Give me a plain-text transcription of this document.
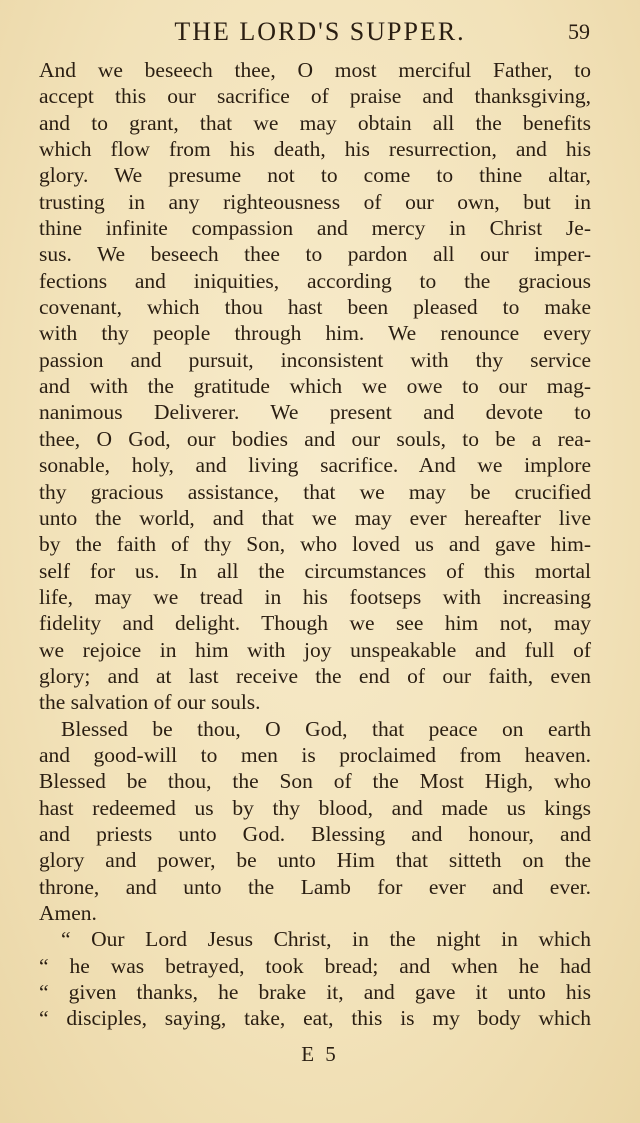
THE LORD'S SUPPER.	59
And we beseech thee, O most merciful Father, to
accept this our sacrifice of praise and thanksgiving,
and to grant, that we may obtain all the benefits
which flow from his death, his resurrection, and his
glory. We presume not to come to thine altar,
trusting in any righteousness of our own, but in
thine infinite compassion and mercy in Christ Je-
sus. We beseech thee to pardon all our imper-
fections and iniquities, according to the gracious
covenant, which thou hast been pleased to make
with thy people through him. We renounce every
passion and pursuit, inconsistent with thy service
and with the gratitude which we owe to our mag-
nanimous Deliverer. We present and devote to
thee, O God, our bodies and our souls, to be a rea-
sonable, holy, and living sacrifice. And we implore
thy gracious assistance, that we may be crucified
unto the world, and that we may ever hereafter live
by the faith of thy Son, who loved us and gave him-
self for us. In all the circumstances of this mortal
life, may we tread in his footseps with increasing
fidelity and delight. Though we see him not, may
we rejoice in him with joy unspeakable and full of
glory; and at last receive the end of our faith, even
the salvation of our souls.
Blessed be thou, O God, that peace on earth
and good-will to men is proclaimed from heaven.
Blessed be thou, the Son of the Most High, who
hast redeemed us by thy blood, and made us kings
and priests unto God. Blessing and honour, and
glory and power, be unto Him that sitteth on the
throne, and unto the Lamb for ever and ever.
Amen.
“ Our Lord Jesus Christ, in the night in which
“ he was betrayed, took bread; and when he had
“ given thanks, he brake it, and gave it unto his
“ disciples, saying, take, eat, this is my body which
E 5
